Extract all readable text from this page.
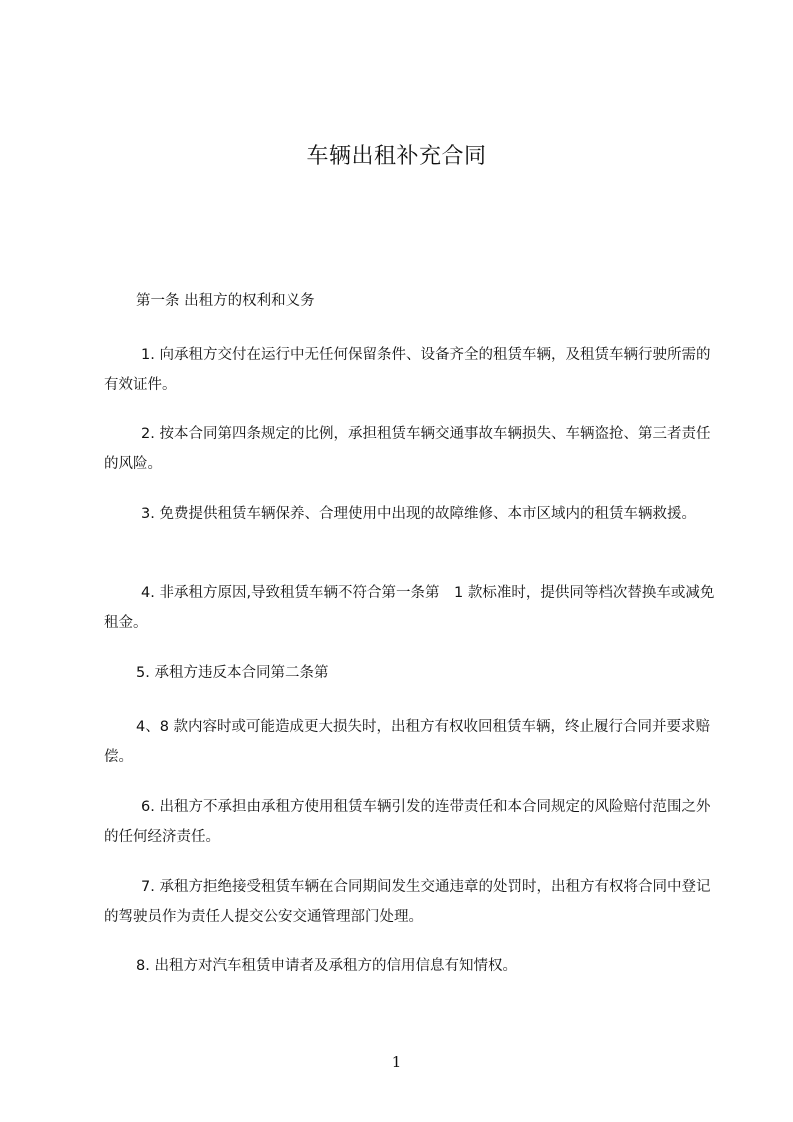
车辆出租补充合同

第一条 出租方的权利和义务

1. 向承租方交付在运行中无任何保留条件、设备齐全的租赁车辆，及租赁车辆行驶所需的有效证件。

2. 按本合同第四条规定的比例，承担租赁车辆交通事故车辆损失、车辆盗抢、第三者责任的风险。

3. 免费提供租赁车辆保养、合理使用中出现的故障维修、本市区域内的租赁车辆救援。

4. 非承租方原因,导致租赁车辆不符合第一条第　1 款标准时，提供同等档次替换车或减免租金。

5. 承租方违反本合同第二条第

4、8 款内容时或可能造成更大损失时，出租方有权收回租赁车辆，终止履行合同并要求赔偿。

6. 出租方不承担由承租方使用租赁车辆引发的连带责任和本合同规定的风险赔付范围之外的任何经济责任。

7. 承租方拒绝接受租赁车辆在合同期间发生交通违章的处罚时，出租方有权将合同中登记的驾驶员作为责任人提交公安交通管理部门处理。

8. 出租方对汽车租赁申请者及承租方的信用信息有知情权。

1
